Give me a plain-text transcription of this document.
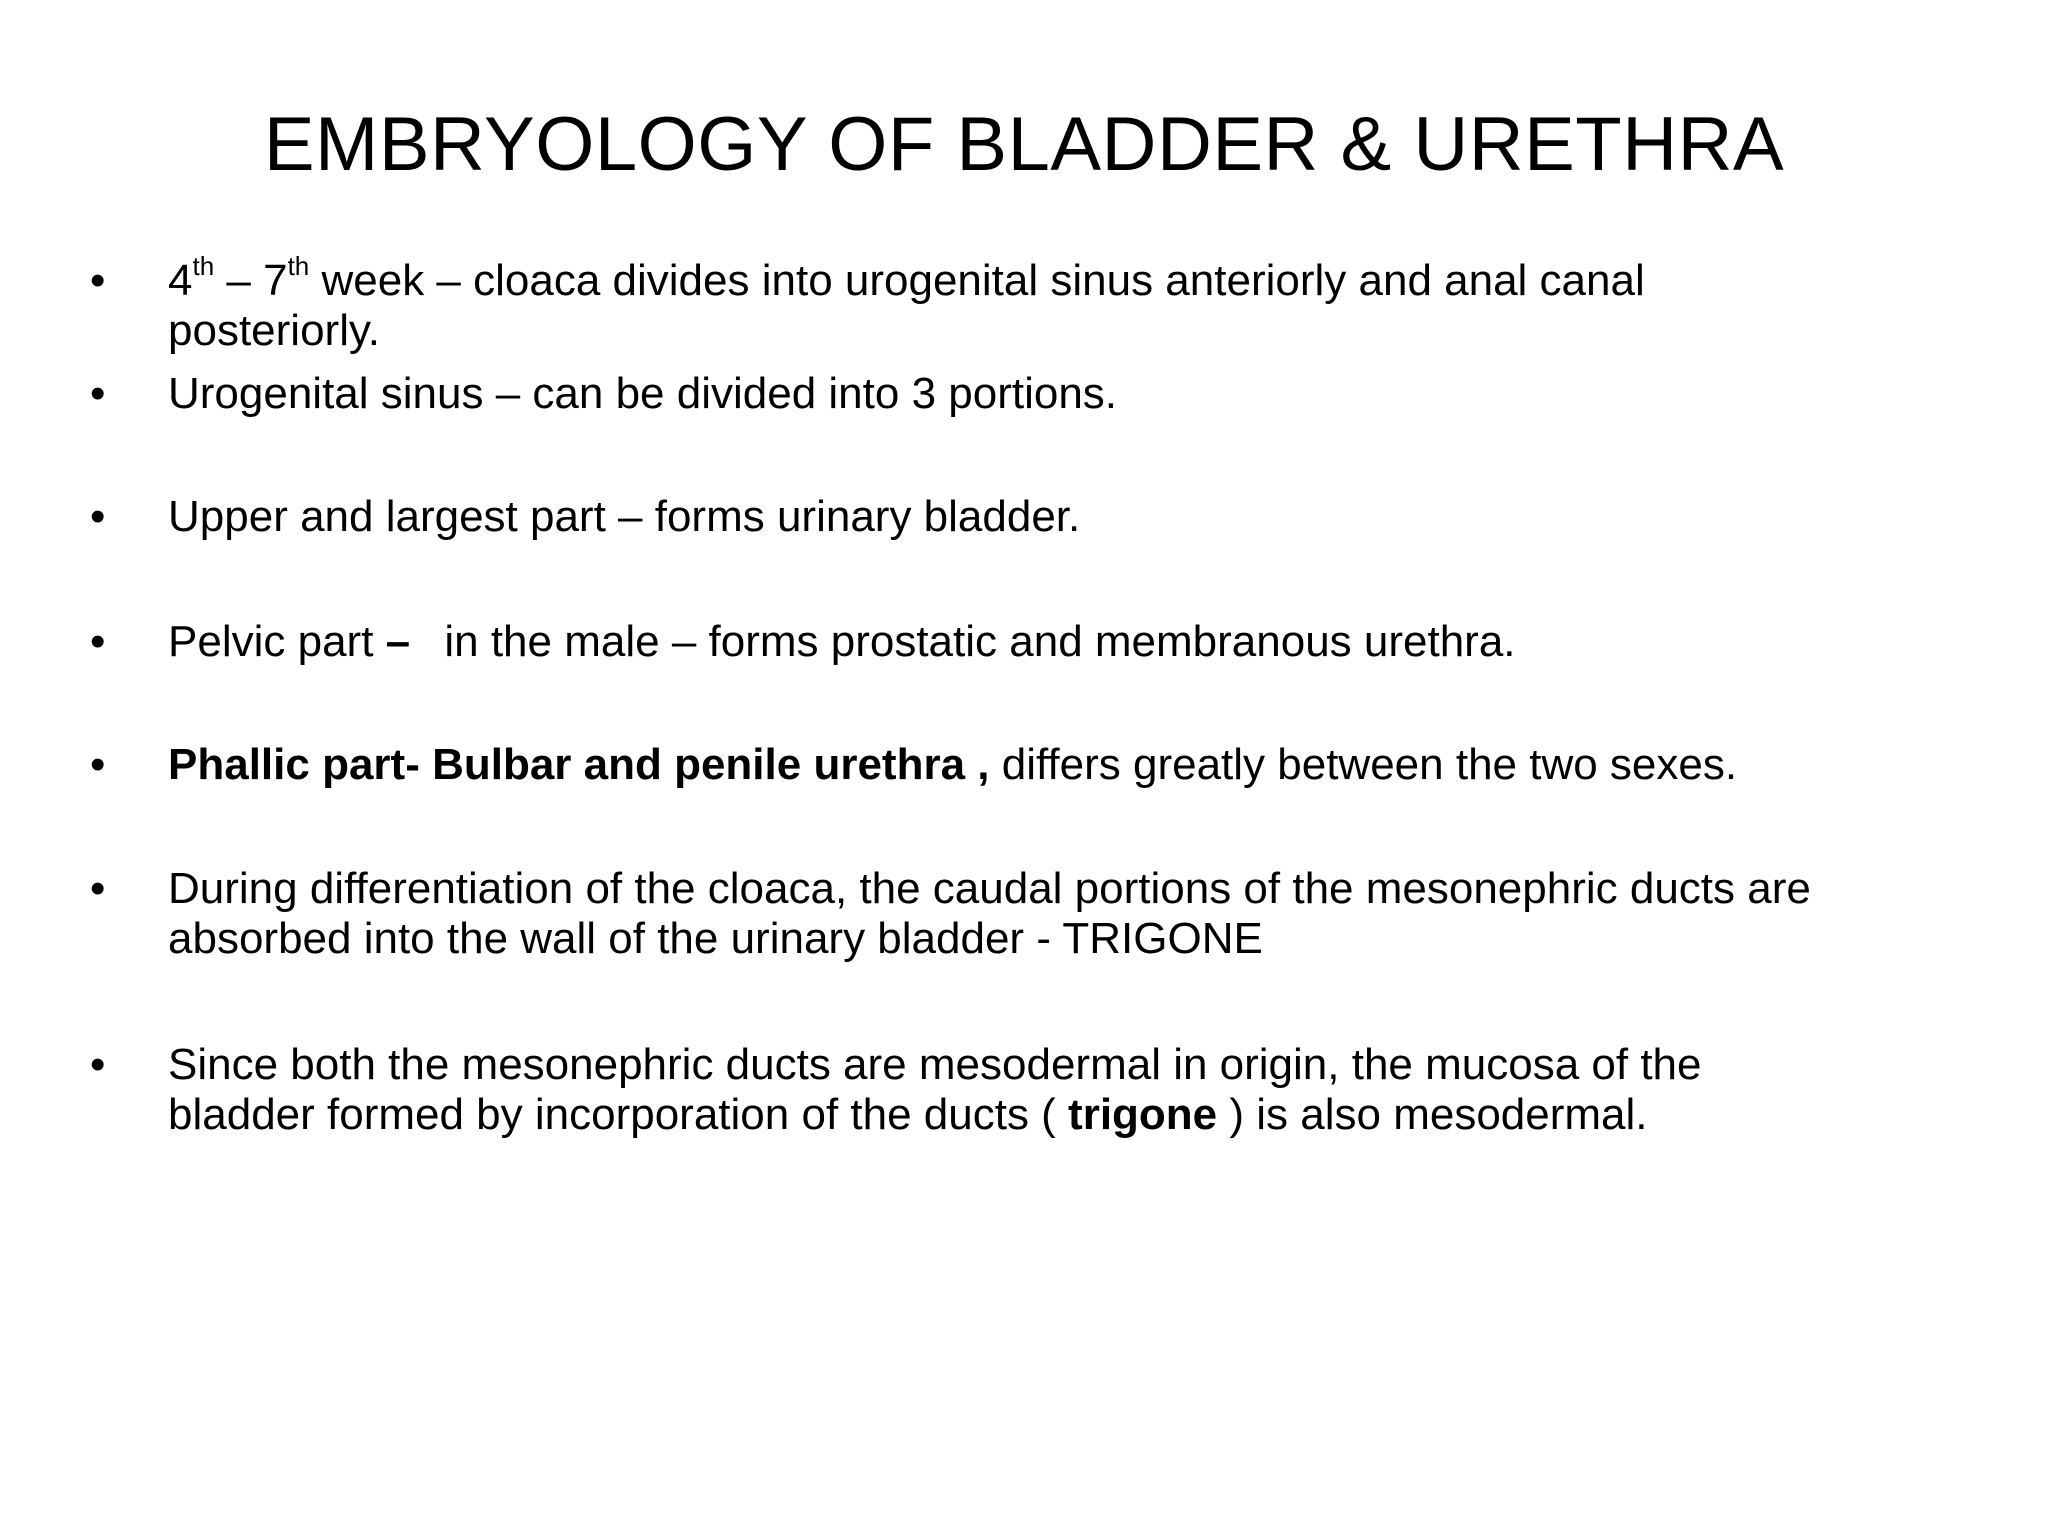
EMBRYOLOGY OF BLADDER & URETHRA
•	4th – 7th week – cloaca divides into urogenital sinus anteriorly and anal canal
posteriorly.
•	Urogenital sinus – can be divided into 3 portions.
•	Upper and largest part – forms urinary bladder.
•	Pelvic part – in the male – forms prostatic and membranous urethra.
•	Phallic part- Bulbar and penile urethra , differs greatly between the two sexes.
•	During differentiation of the cloaca, the caudal portions of the mesonephric ducts are
absorbed into the wall of the urinary bladder - TRIGONE
•	Since both the mesonephric ducts are mesodermal in origin, the mucosa of the
bladder formed by incorporation of the ducts ( trigone ) is also mesodermal.
